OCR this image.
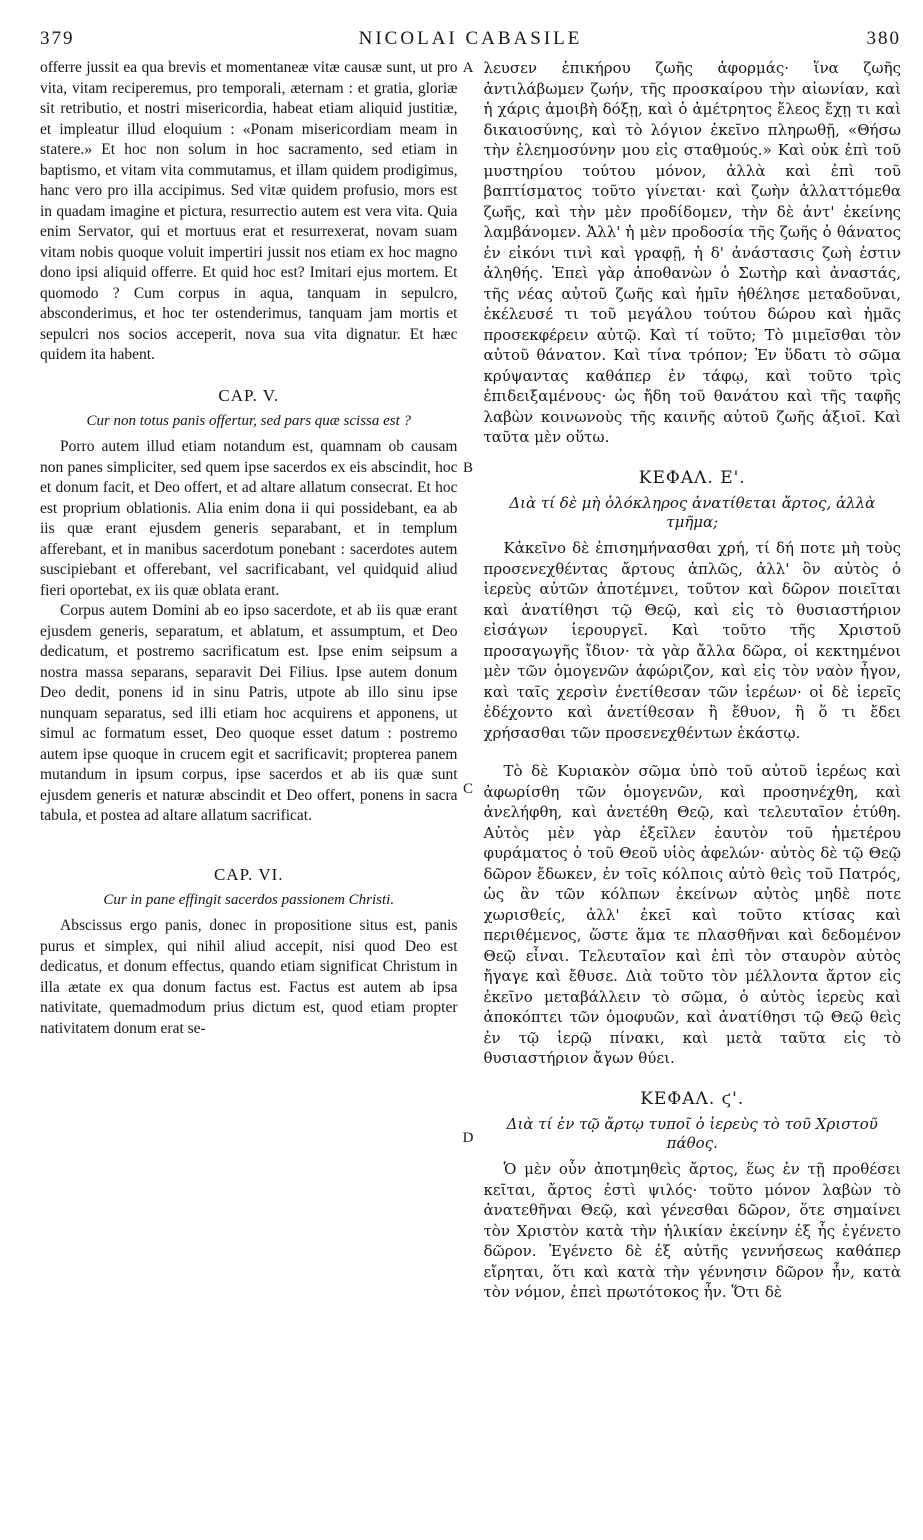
379	NICOLAI CABASILE	380

offerre jussit ea qua brevis et momentaneæ vitæ causæ sunt, ut pro vita, vitam reciperemus, pro temporali, æternam : et gratia, gloriæ sit retributio, et nostri misericordia, habeat etiam aliquid justitiæ, et impleatur illud eloquium : «Ponam misericordiam meam in statere.» Et hoc non solum in hoc sacramento, sed etiam in baptismo, et vitam vita commutamus, et illam quidem prodigimus, hanc vero pro illa accipimus. Sed vitæ quidem profusio, mors est in quadam imagine et pictura, resurrectio autem est vera vita. Quia enim Servator, qui et mortuus erat et resurrexerat, novam suam vitam nobis quoque voluit impertiri jussit nos etiam ex hoc magno dono ipsi aliquid offerre. Et quid hoc est? Imitari ejus mortem. Et quomodo ? Cum corpus in aqua, tanquam in sepulcro, absconderimus, et hoc ter ostenderimus, tanquam jam mortis et sepulcri nos socios acceperit, nova sua vita dignatur. Et hæc quidem ita habent.

CAP. V.
Cur non totus panis offertur, sed pars quæ scissa est ?

Porro autem illud etiam notandum est, quamnam ob causam non panes simpliciter, sed quem ipse sacerdos ex eis abscindit, hoc et donum facit, et Deo offert, et ad altare allatum consecrat. Et hoc est proprium oblationis. Alia enim dona ii qui possidebant, ea ab iis quæ erant ejusdem generis separabant, et in templum afferebant, et in manibus sacerdotum ponebant : sacerdotes autem suscipiebant et offerebant, vel sacrificabant, vel quidquid aliud fieri oportebat, ex iis quæ oblata erant.

Corpus autem Domini ab eo ipso sacerdote, et ab iis quæ erant ejusdem generis, separatum, et ablatum, et assumptum, et Deo dedicatum, et postremo sacrificatum est. Ipse enim seipsum a nostra massa separans, separavit Dei Filius. Ipse autem donum Deo dedit, ponens id in sinu Patris, utpote ab illo sinu ipse nunquam separatus, sed illi etiam hoc acquirens et apponens, ut simul ac formatum esset, Deo quoque esset datum : postremo autem ipse quoque in crucem egit et sacrificavit; propterea panem mutandum in ipsum corpus, ipse sacerdos et ab iis quæ sunt ejusdem generis et naturæ abscindit et Deo offert, ponens in sacra tabula, et postea ad altare allatum sacrificat.

CAP. VI.
Cur in pane effingit sacerdos passionem Christi.

Abscissus ergo panis, donec in propositione situs est, panis purus et simplex, qui nihil aliud accepit, nisi quod Deo est dedicatus, et donum effectus, quando etiam significat Christum in illa ætate ex qua donum factus est. Factus est autem ab ipsa nativitate, quemadmodum prius dictum est, quod etiam propter nativitatem donum erat se-

λευσεν ἐπικήρου ζωῆς ἀφορμάς· ἵνα ζωῆς ἀντιλάβωμεν ζωήν, τῆς προσκαίρου τὴν αἰωνίαν, καὶ ἡ χάρις ἀμοιβὴ δόξῃ, καὶ ὁ ἀμέτρητος ἔλεος ἔχῃ τι καὶ δικαιοσύνης, καὶ τὸ λόγιον ἐκεῖνο πληρωθῇ, «Θήσω τὴν ἐλεημοσύνην μου εἰς σταθμούς.» Καὶ οὐκ ἐπὶ τοῦ μυστηρίου τούτου μόνον, ἀλλὰ καὶ ἐπὶ τοῦ βαπτίσματος τοῦτο γίνεται· καὶ ζωὴν ἀλλαττόμεθα ζωῆς, καὶ τὴν μὲν προδίδομεν, τὴν δὲ ἀντ' ἐκείνης λαμβάνομεν. Ἀλλ' ἡ μὲν προδοσία τῆς ζωῆς ὁ θάνατος ἐν εἰκόνι τινὶ καὶ γραφῇ, ἡ δ' ἀνάστασις ζωὴ ἐστιν ἀληθής. Ἐπεὶ γὰρ ἀποθανὼν ὁ Σωτὴρ καὶ ἀναστάς, τῆς νέας αὐτοῦ ζωῆς καὶ ἡμῖν ἠθέλησε μεταδοῦναι, ἐκέλευσέ τι τοῦ μεγάλου τούτου δώρου καὶ ἡμᾶς προσεκφέρειν αὐτῷ. Καὶ τί τοῦτο; Τὸ μιμεῖσθαι τὸν αὐτοῦ θάνατον. Καὶ τίνα τρόπον; Ἐν ὕδατι τὸ σῶμα κρύψαντας καθάπερ ἐν τάφῳ, καὶ τοῦτο τρὶς ἐπιδειξαμένους· ὡς ἤδη τοῦ θανάτου καὶ τῆς ταφῆς λαβὼν κοινωνοὺς τῆς καινῆς αὐτοῦ ζωῆς ἀξιοῖ. Καὶ ταῦτα μὲν οὕτω.

ΚΕΦΑΛ. Ε'.
Διὰ τί δὲ μὴ ὁλόκληρος ἀνατίθεται ἄρτος, ἀλλὰ τμῆμα;

Κἀκεῖνο δὲ ἐπισημήνασθαι χρή, τί δή ποτε μὴ τοὺς προσενεχθέντας ἄρτους ἁπλῶς, ἀλλ' ὃν αὐτὸς ὁ ἱερεὺς αὐτῶν ἀποτέμνει, τοῦτον καὶ δῶρον ποιεῖται καὶ ἀνατίθησι τῷ Θεῷ, καὶ εἰς τὸ θυσιαστήριον εἰσάγων ἱερουργεῖ. Καὶ τοῦτο τῆς Χριστοῦ προσαγωγῆς ἴδιον· τὰ γὰρ ἄλλα δῶρα, οἱ κεκτημένοι μὲν τῶν ὁμογενῶν ἀφώριζον, καὶ εἰς τὸν ναὸν ἦγον, καὶ ταῖς χερσὶν ἐνετίθεσαν τῶν ἱερέων· οἱ δὲ ἱερεῖς ἐδέχοντο καὶ ἀνετίθεσαν ἢ ἔθυον, ἢ ὅ τι ἔδει χρήσασθαι τῶν προσενεχθέντων ἑκάστῳ.

Τὸ δὲ Κυριακὸν σῶμα ὑπὸ τοῦ αὐτοῦ ἱερέως καὶ ἀφωρίσθη τῶν ὁμογενῶν, καὶ προσηνέχθη, καὶ ἀνελήφθη, καὶ ἀνετέθη Θεῷ, καὶ τελευταῖον ἐτύθη. Αὐτὸς μὲν γὰρ ἐξεῖλεν ἑαυτὸν τοῦ ἡμετέρου φυράματος ὁ τοῦ Θεοῦ υἱὸς ἀφελών· αὐτὸς δὲ τῷ Θεῷ δῶρον ἔδωκεν, ἐν τοῖς κόλποις αὐτὸ θεὶς τοῦ Πατρός, ὡς ἂν τῶν κόλπων ἐκείνων αὐτὸς μηδὲ ποτε χωρισθείς, ἀλλ' ἐκεῖ καὶ τοῦτο κτίσας καὶ περιθέμενος, ὥστε ἅμα τε πλασθῆναι καὶ δεδομένον Θεῷ εἶναι. Τελευταῖον καὶ ἐπὶ τὸν σταυρὸν αὐτὸς ἤγαγε καὶ ἔθυσε. Διὰ τοῦτο τὸν μέλλοντα ἄρτον εἰς ἐκεῖνο μεταβάλλειν τὸ σῶμα, ὁ αὐτὸς ἱερεὺς καὶ ἀποκόπτει τῶν ὁμοφυῶν, καὶ ἀνατίθησι τῷ Θεῷ θεὶς ἐν τῷ ἱερῷ πίνακι, καὶ μετὰ ταῦτα εἰς τὸ θυσιαστήριον ἄγων θύει.

ΚΕΦΑΛ. ϛ'.
Διὰ τί ἐν τῷ ἄρτῳ τυποῖ ὁ ἱερεὺς τὸ τοῦ Χριστοῦ πάθος.

Ὁ μὲν οὖν ἀποτμηθεὶς ἄρτος, ἕως ἐν τῇ προθέσει κεῖται, ἄρτος ἐστὶ ψιλός· τοῦτο μόνον λαβὼν τὸ ἀνατεθῆναι Θεῷ, καὶ γένεσθαι δῶρον, ὅτε σημαίνει τὸν Χριστὸν κατὰ τὴν ἡλικίαν ἐκείνην ἐξ ἧς ἐγένετο δῶρον. Ἐγένετο δὲ ἐξ αὐτῆς γεννήσεως καθάπερ εἴρηται, ὅτι καὶ κατὰ τὴν γέννησιν δῶρον ἦν, κατὰ τὸν νόμον, ἐπεὶ πρωτότοκος ἦν. Ὅτι δὲ

A
B
C
D
